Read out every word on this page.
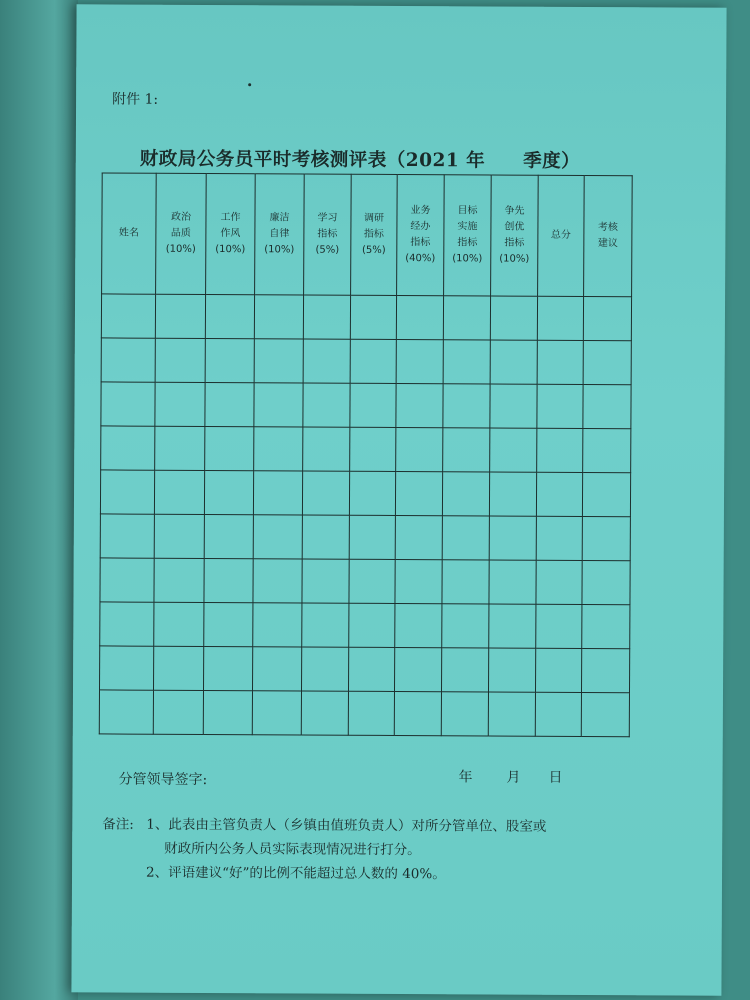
附件 1:
财政局公务员平时考核测评表（2021 年　　季度）
姓名	政治
品质
(10%)	工作
作风
(10%)	廉洁
自律
(10%)	学习
指标
(5%)	调研
指标
(5%)	业务
经办
指标
(40%)	目标
实施
指标
(10%)	争先
创优
指标
(10%)	总分	考核
建议

分管领导签字:	年 月 日
备注: 1、此表由主管负责人（乡镇由值班负责人）对所分管单位、股室或
财政所内公务人员实际表现情况进行打分。
2、评语建议“好”的比例不能超过总人数的 40%。
